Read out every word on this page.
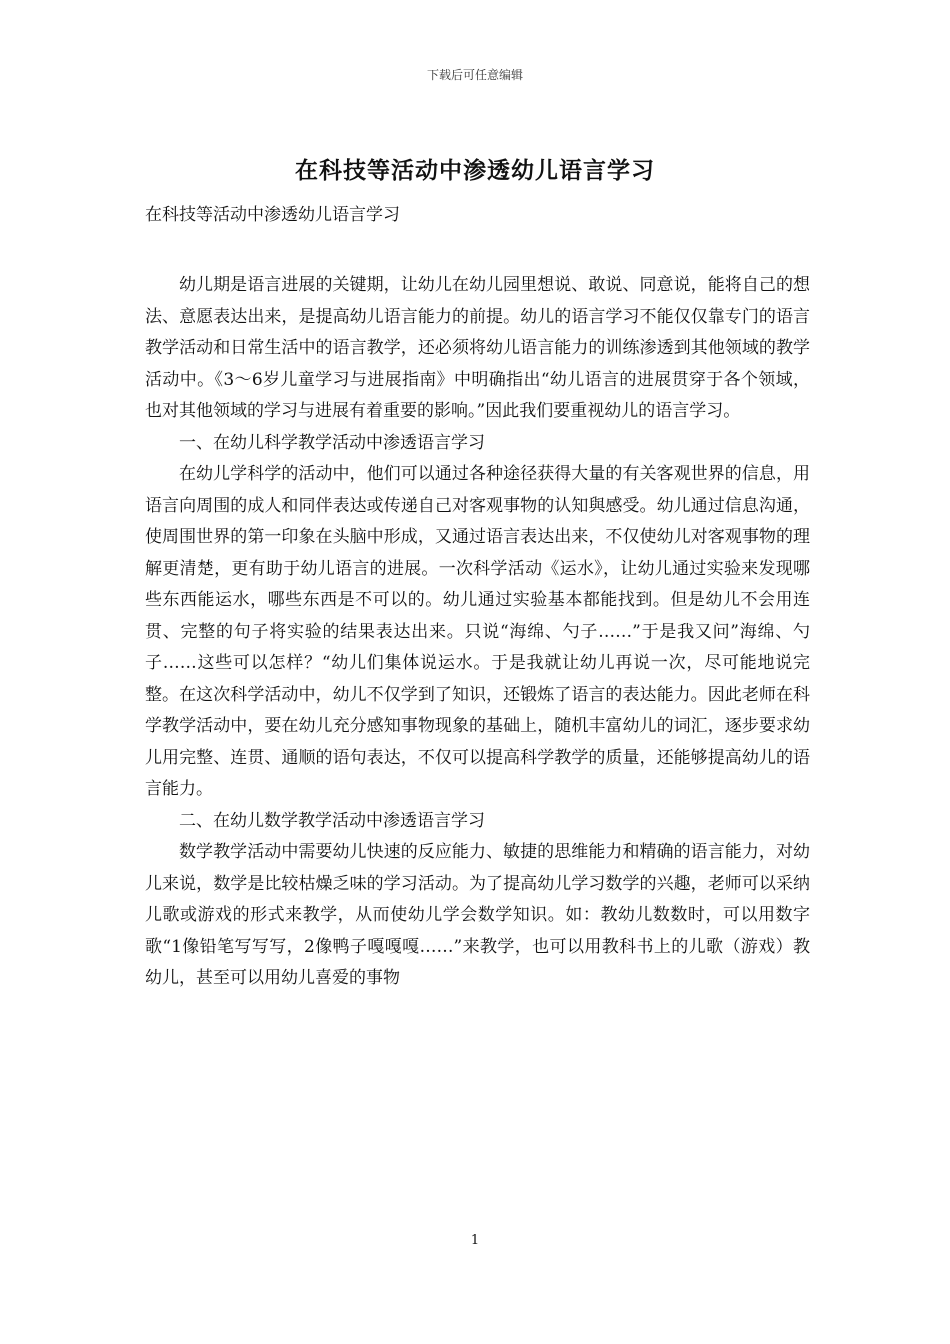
下载后可任意编辑
在科技等活动中渗透幼儿语言学习
在科技等活动中渗透幼儿语言学习

幼儿期是语言进展的关键期，让幼儿在幼儿园里想说、敢说、同意说，能将自己的想法、意愿表达出来，是提高幼儿语言能力的前提。幼儿的语言学习不能仅仅靠专门的语言教学活动和日常生活中的语言教学，还必须将幼儿语言能力的训练渗透到其他领域的教学活动中。《3～6岁儿童学习与进展指南》中明确指出“幼儿语言的进展贯穿于各个领域，也对其他领域的学习与进展有着重要的影响。”因此我们要重视幼儿的语言学习。

一、在幼儿科学教学活动中渗透语言学习

在幼儿学科学的活动中，他们可以通过各种途径获得大量的有关客观世界的信息，用语言向周围的成人和同伴表达或传递自己对客观事物的认知與感受。幼儿通过信息沟通，使周围世界的第一印象在头脑中形成，又通过语言表达出来，不仅使幼儿对客观事物的理解更清楚，更有助于幼儿语言的进展。一次科学活动《运水》，让幼儿通过实验来发现哪些东西能运水，哪些东西是不可以的。幼儿通过实验基本都能找到。但是幼儿不会用连贯、完整的句子将实验的结果表达出来。只说“海绵、勺子……”于是我又问”海绵、勺子……这些可以怎样？“幼儿们集体说运水。于是我就让幼儿再说一次，尽可能地说完整。在这次科学活动中，幼儿不仅学到了知识，还锻炼了语言的表达能力。因此老师在科学教学活动中，要在幼儿充分感知事物现象的基础上，随机丰富幼儿的词汇，逐步要求幼儿用完整、连贯、通顺的语句表达，不仅可以提高科学教学的质量，还能够提高幼儿的语言能力。

二、在幼儿数学教学活动中渗透语言学习

数学教学活动中需要幼儿快速的反应能力、敏捷的思维能力和精确的语言能力，对幼儿来说，数学是比较枯燥乏味的学习活动。为了提高幼儿学习数学的兴趣，老师可以采纳儿歌或游戏的形式来教学，从而使幼儿学会数学知识。如：教幼儿数数时，可以用数字歌“1像铅笔写写写，2像鸭子嘎嘎嘎……”来教学，也可以用教科书上的儿歌（游戏）教幼儿，甚至可以用幼儿喜爱的事物

1
